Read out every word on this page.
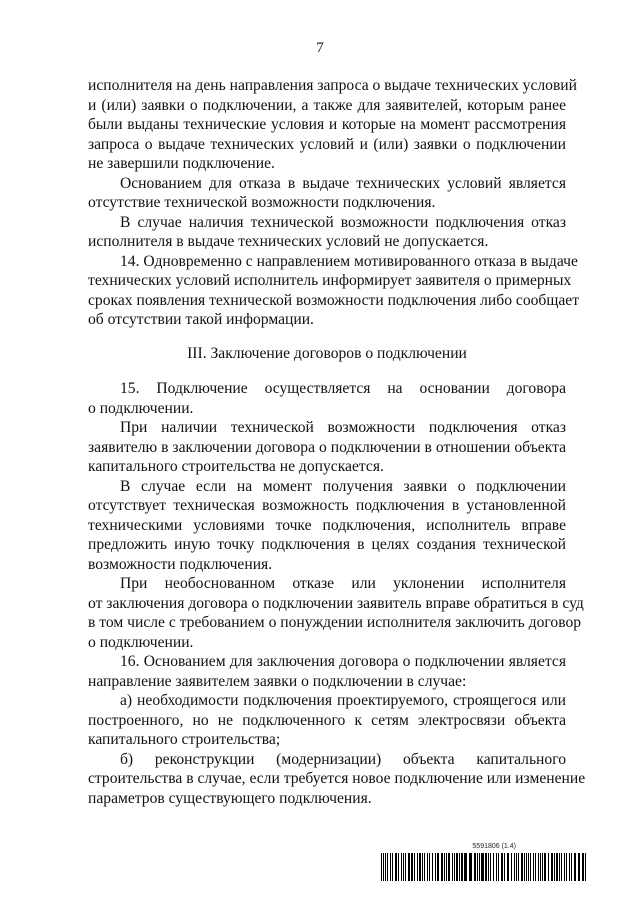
7
исполнителя на день направления запроса о выдаче технических условий
и (или) заявки о подключении, а также для заявителей, которым ранее
были выданы технические условия и которые на момент рассмотрения
запроса о выдаче технических условий и (или) заявки о подключении
не завершили подключение.
Основанием для отказа в выдаче технических условий является
отсутствие технической возможности подключения.
В случае наличия технической возможности подключения отказ
исполнителя в выдаче технических условий не допускается.
14. Одновременно с направлением мотивированного отказа в выдаче
технических условий исполнитель информирует заявителя о примерных
сроках появления технической возможности подключения либо сообщает
об отсутствии такой информации.
III. Заключение договоров о подключении
15. Подключение осуществляется на основании договора
о подключении.
При наличии технической возможности подключения отказ
заявителю в заключении договора о подключении в отношении объекта
капитального строительства не допускается.
В случае если на момент получения заявки о подключении
отсутствует техническая возможность подключения в установленной
техническими условиями точке подключения, исполнитель вправе
предложить иную точку подключения в целях создания технической
возможности подключения.
При необоснованном отказе или уклонении исполнителя
от заключения договора о подключении заявитель вправе обратиться в суд
в том числе с требованием о понуждении исполнителя заключить договор
о подключении.
16. Основанием для заключения договора о подключении является
направление заявителем заявки о подключении в случае:
а) необходимости подключения проектируемого, строящегося или
построенного, но не подключенного к сетям электросвязи объекта
капитального строительства;
б) реконструкции (модернизации) объекта капитального
строительства в случае, если требуется новое подключение или изменение
параметров существующего подключения.
5591806 (1.4)
